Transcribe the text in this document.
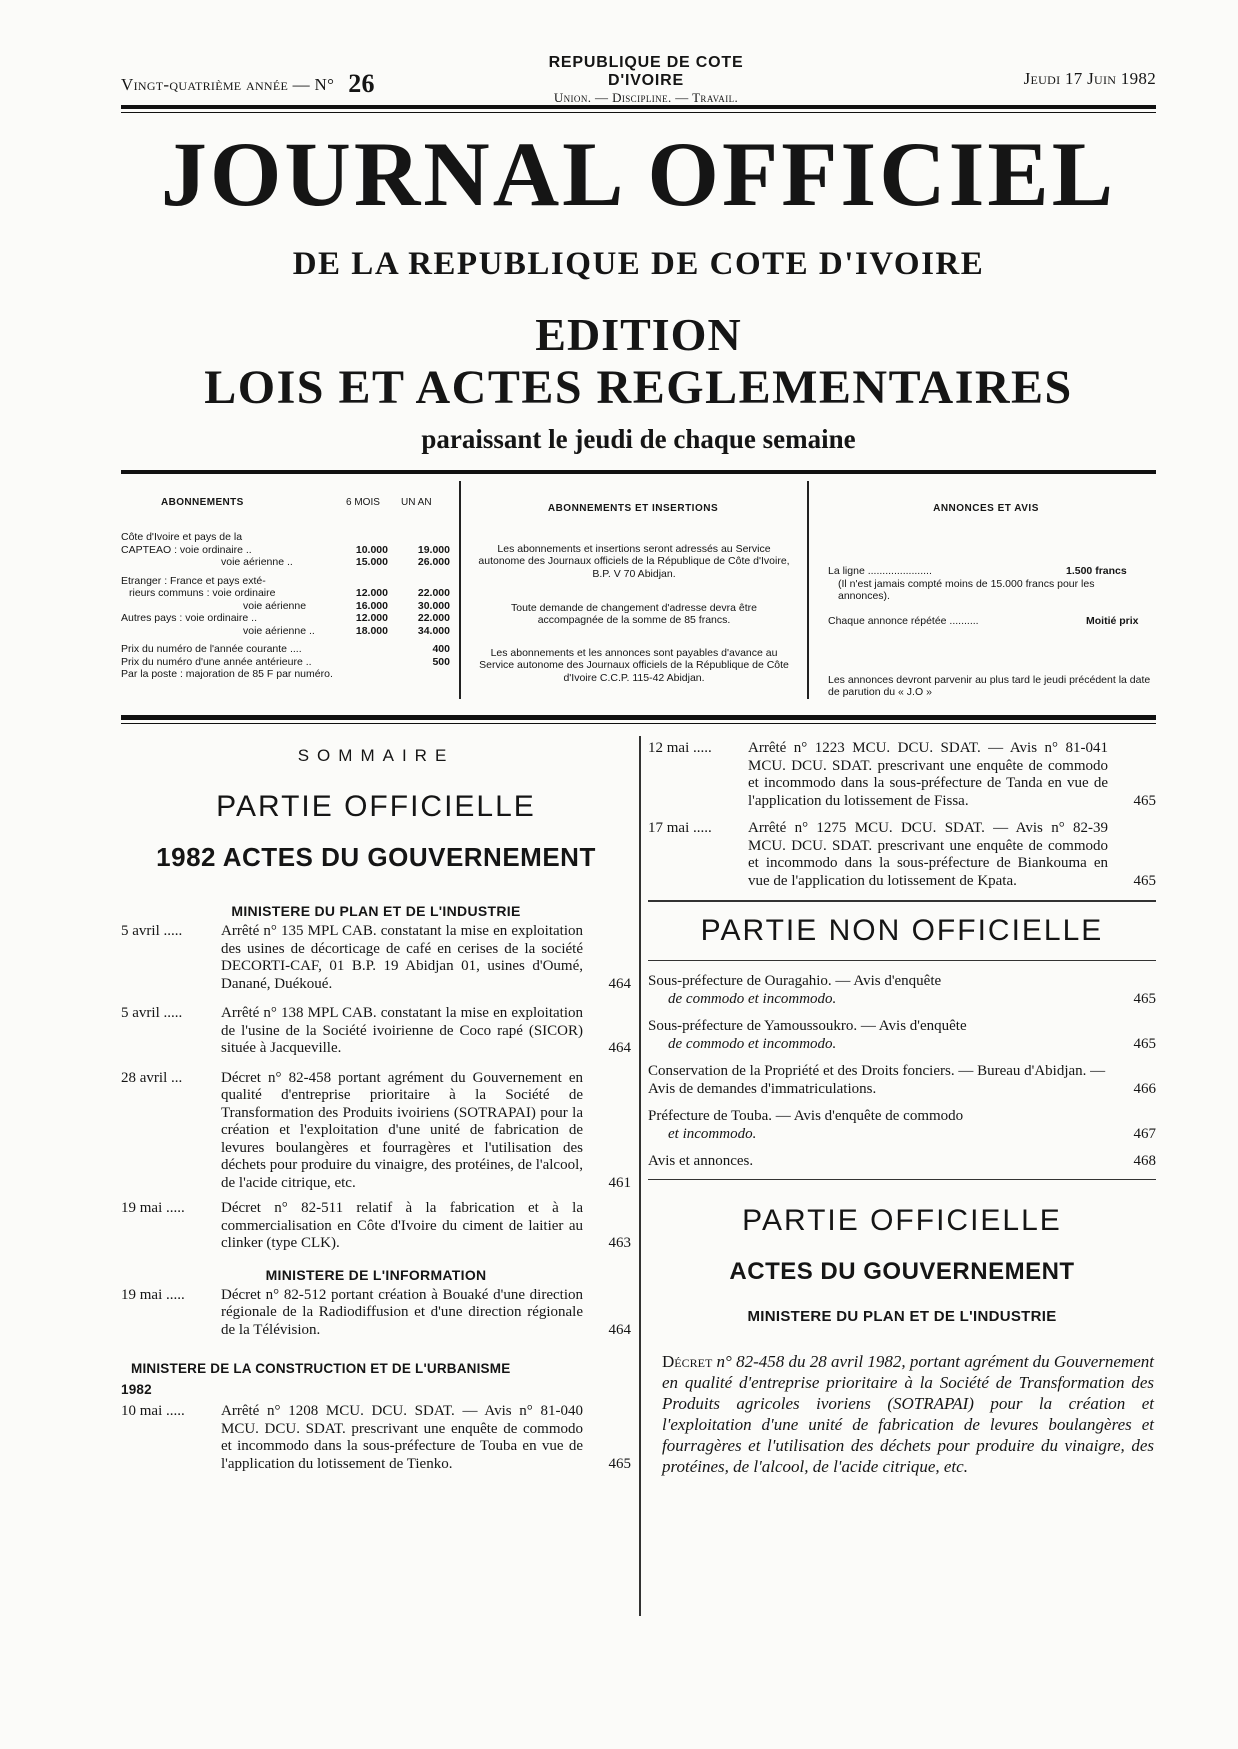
Vingt-quatrième année — N° 26
REPUBLIQUE DE COTE D'IVOIRE
Union. — Discipline. — Travail.
Jeudi 17 Juin 1982
JOURNAL OFFICIEL
DE LA REPUBLIQUE DE COTE D'IVOIRE
EDITION
LOIS ET ACTES REGLEMENTAIRES
paraissant le jeudi de chaque semaine
ABONNEMENTS	6 MOIS UN AN
Côte d'Ivoire et pays de la
CAPTEAO : voie ordinaire ..	10.000	19.000
voie aérienne ..	15.000	26.000
Etranger : France et pays exté-
rieurs communs : voie ordinaire	12.000	22.000
voie aérienne	16.000	30.000
Autres pays : voie ordinaire ..	12.000	22.000
voie aérienne ..	18.000	34.000
Prix du numéro de l'année courante ....	400
Prix du numéro d'une année antérieure ..	500
Par la poste : majoration de 85 F par numéro.
ABONNEMENTS ET INSERTIONS

Les abonnements et insertions seront adressés au Service autonome des Journaux officiels de la République de Côte d'Ivoire, B.P. V 70 Abidjan.

Toute demande de changement d'adresse devra être accompagnée de la somme de 85 francs.

Les abonnements et les annonces sont payables d'avance au Service autonome des Journaux officiels de la République de Côte d'Ivoire C.C.P. 115-42 Abidjan.

ANNONCES ET AVIS
La ligne ......................	1.500 francs

(Il n'est jamais compté moins de 15.000 francs pour les annonces).

Chaque annonce répétée ..........	Moitié prix

Les annonces devront parvenir au plus tard le jeudi précédent la date de parution du « J.O »

SOMMAIRE
PARTIE OFFICIELLE
1982 ACTES DU GOUVERNEMENT
MINISTERE DU PLAN ET DE L'INDUSTRIE
5 avril .....	Arrêté n° 135 MPL CAB. constatant la mise en exploitation des usines de décorticage de café en cerises de la société DECORTI-CAF, 01 B.P. 19 Abidjan 01, usines d'Oumé, Danané, Duékoué.	464
5 avril .....	Arrêté n° 138 MPL CAB. constatant la mise en exploitation de l'usine de la Société ivoirienne de Coco rapé (SICOR) située à Jacqueville.	464
28 avril ...	Décret n° 82-458 portant agrément du Gouvernement en qualité d'entreprise prioritaire à la Société de Transformation des Produits ivoiriens (SOTRAPAI) pour la création et l'exploitation d'une unité de fabrication de levures boulangères et fourragères et l'utilisation des déchets pour produire du vinaigre, des protéines, de l'alcool, de l'acide citrique, etc.	461
19 mai ..... Décret n° 82-511 relatif à la fabrication et à la commercialisation en Côte d'Ivoire du ciment de laitier au clinker (type CLK).	463
MINISTERE DE L'INFORMATION
19 mai ..... Décret n° 82-512 portant création à Bouaké d'une direction régionale de la Radiodiffusion et d'une direction régionale de la Télévision.	464
MINISTERE DE LA CONSTRUCTION ET DE L'URBANISME
1982
10 mai ..... Arrêté n° 1208 MCU. DCU. SDAT. — Avis n° 81-040 MCU. DCU. SDAT. prescrivant une enquête de commodo et incommodo dans la sous-préfecture de Touba en vue de l'application du lotissement de Tienko.	465
12 mai ..... Arrêté n° 1223 MCU. DCU. SDAT. — Avis n° 81-041 MCU. DCU. SDAT. prescrivant une enquête de commodo et incommodo dans la sous-préfecture de Tanda en vue de l'application du lotissement de Fissa.	465
17 mai ..... Arrêté n° 1275 MCU. DCU. SDAT. — Avis n° 82-39 MCU. DCU. SDAT. prescrivant une enquête de commodo et incommodo dans la sous-préfecture de Biankouma en vue de l'application du lotissement de Kpata.	465
PARTIE NON OFFICIELLE
Sous-préfecture de Ouragahio. — Avis d'enquête
de commodo et incommodo.	465
Sous-préfecture de Yamoussoukro. — Avis d'enquête
de commodo et incommodo.	465
Conservation de la Propriété et des Droits fonciers. — Bureau d'Abidjan. — Avis de demandes d'immatriculations.	466
Préfecture de Touba. — Avis d'enquête de commodo
et incommodo.	467
Avis et annonces.	468
PARTIE OFFICIELLE
ACTES DU GOUVERNEMENT
MINISTERE DU PLAN ET DE L'INDUSTRIE
Décret n° 82-458 du 28 avril 1982, portant agrément du Gouvernement en qualité d'entreprise prioritaire à la Société de Transformation des Produits agricoles ivoriens (SOTRAPAI) pour la création et l'exploitation d'une unité de fabrication de levures boulangères et fourragères et l'utilisation des déchets pour produire du vinaigre, des protéines, de l'alcool, de l'acide citrique, etc.
